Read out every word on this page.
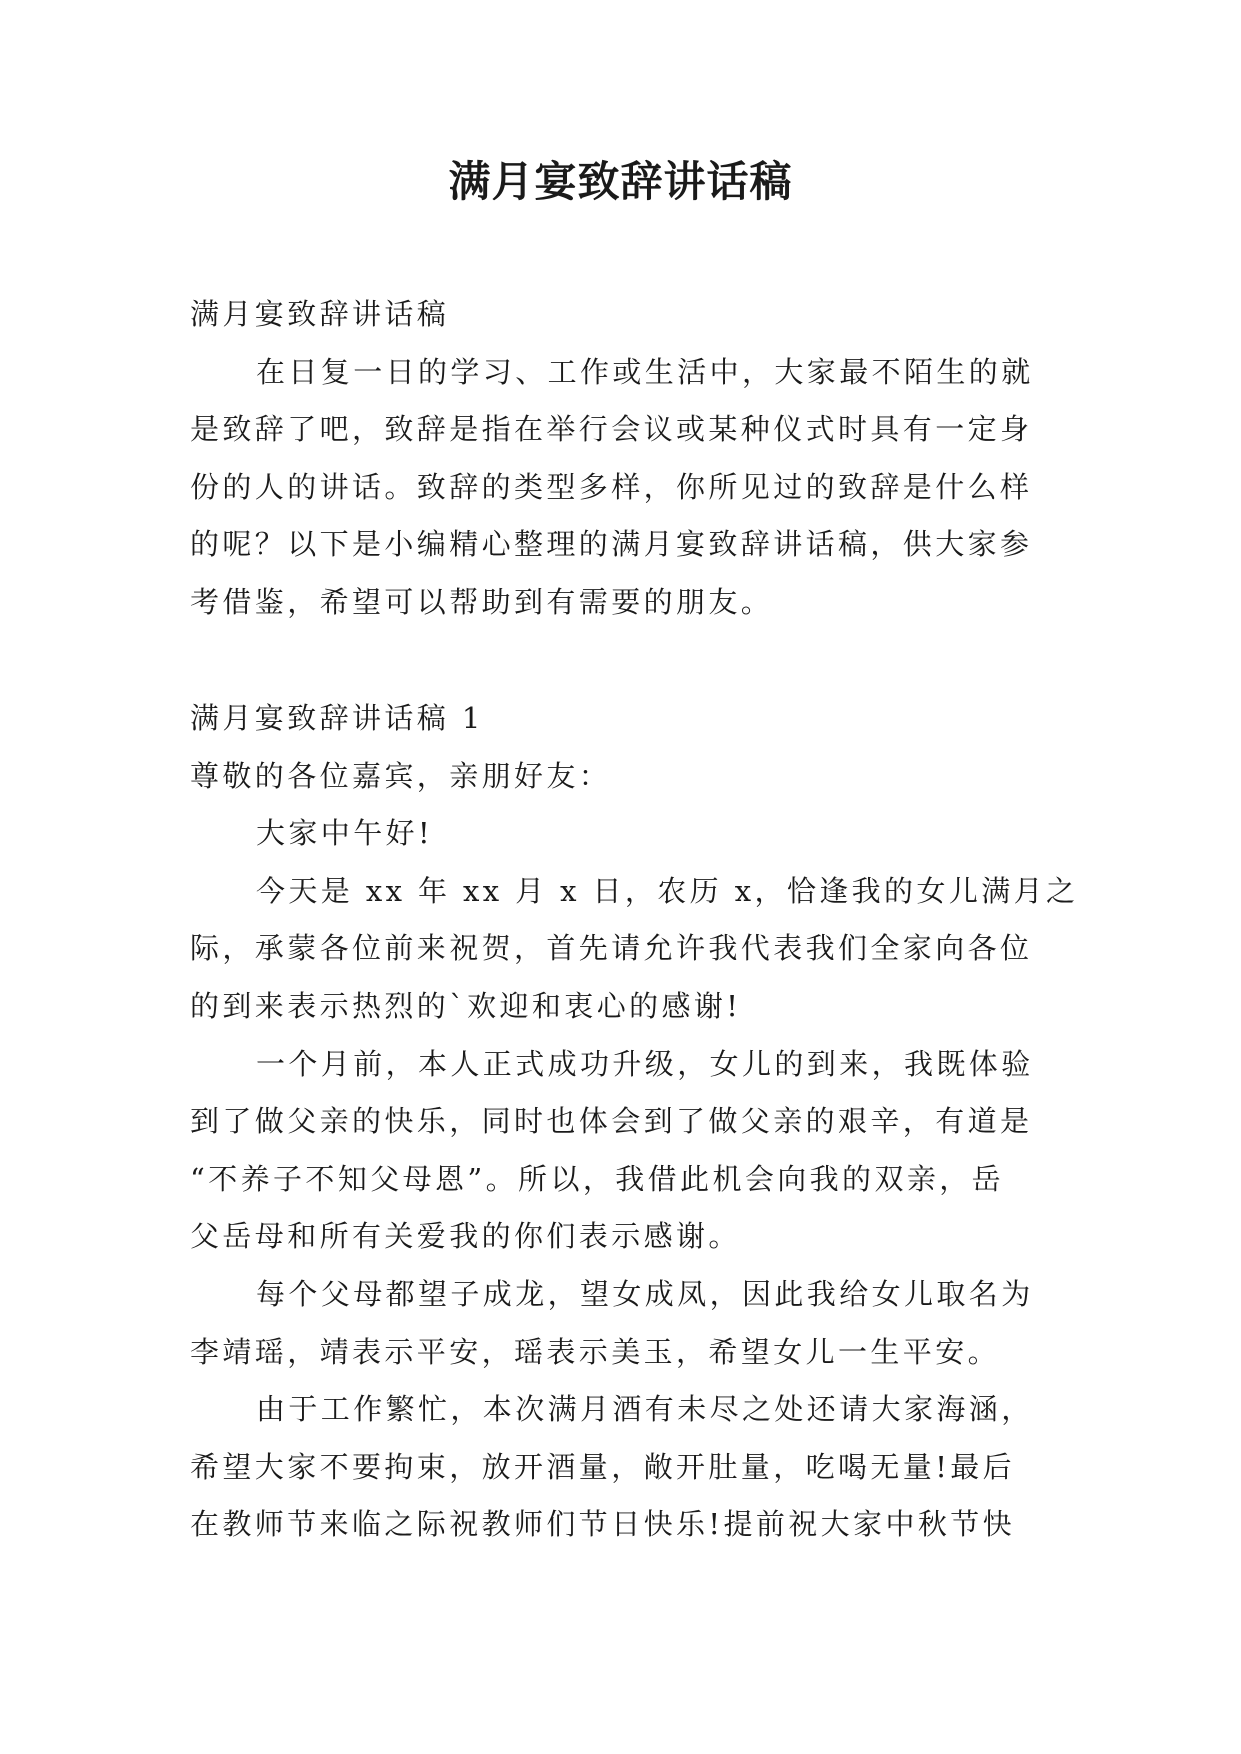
满月宴致辞讲话稿
满月宴致辞讲话稿
在日复一日的学习、工作或生活中，大家最不陌生的就
是致辞了吧，致辞是指在举行会议或某种仪式时具有一定身
份的人的讲话。致辞的类型多样，你所见过的致辞是什么样
的呢？以下是小编精心整理的满月宴致辞讲话稿，供大家参
考借鉴，希望可以帮助到有需要的朋友。
满月宴致辞讲话稿 1
尊敬的各位嘉宾，亲朋好友：
大家中午好!
今天是 xx 年 xx 月 x 日，农历 x，恰逢我的女儿满月之
际，承蒙各位前来祝贺，首先请允许我代表我们全家向各位
的到来表示热烈的`欢迎和衷心的感谢!
一个月前，本人正式成功升级，女儿的到来，我既体验
到了做父亲的快乐，同时也体会到了做父亲的艰辛，有道是
“不养子不知父母恩”。所以，我借此机会向我的双亲，岳
父岳母和所有关爱我的你们表示感谢。
每个父母都望子成龙，望女成凤，因此我给女儿取名为
李靖瑶，靖表示平安，瑶表示美玉，希望女儿一生平安。
由于工作繁忙，本次满月酒有未尽之处还请大家海涵，
希望大家不要拘束，放开酒量，敞开肚量，吃喝无量!最后
在教师节来临之际祝教师们节日快乐!提前祝大家中秋节快
